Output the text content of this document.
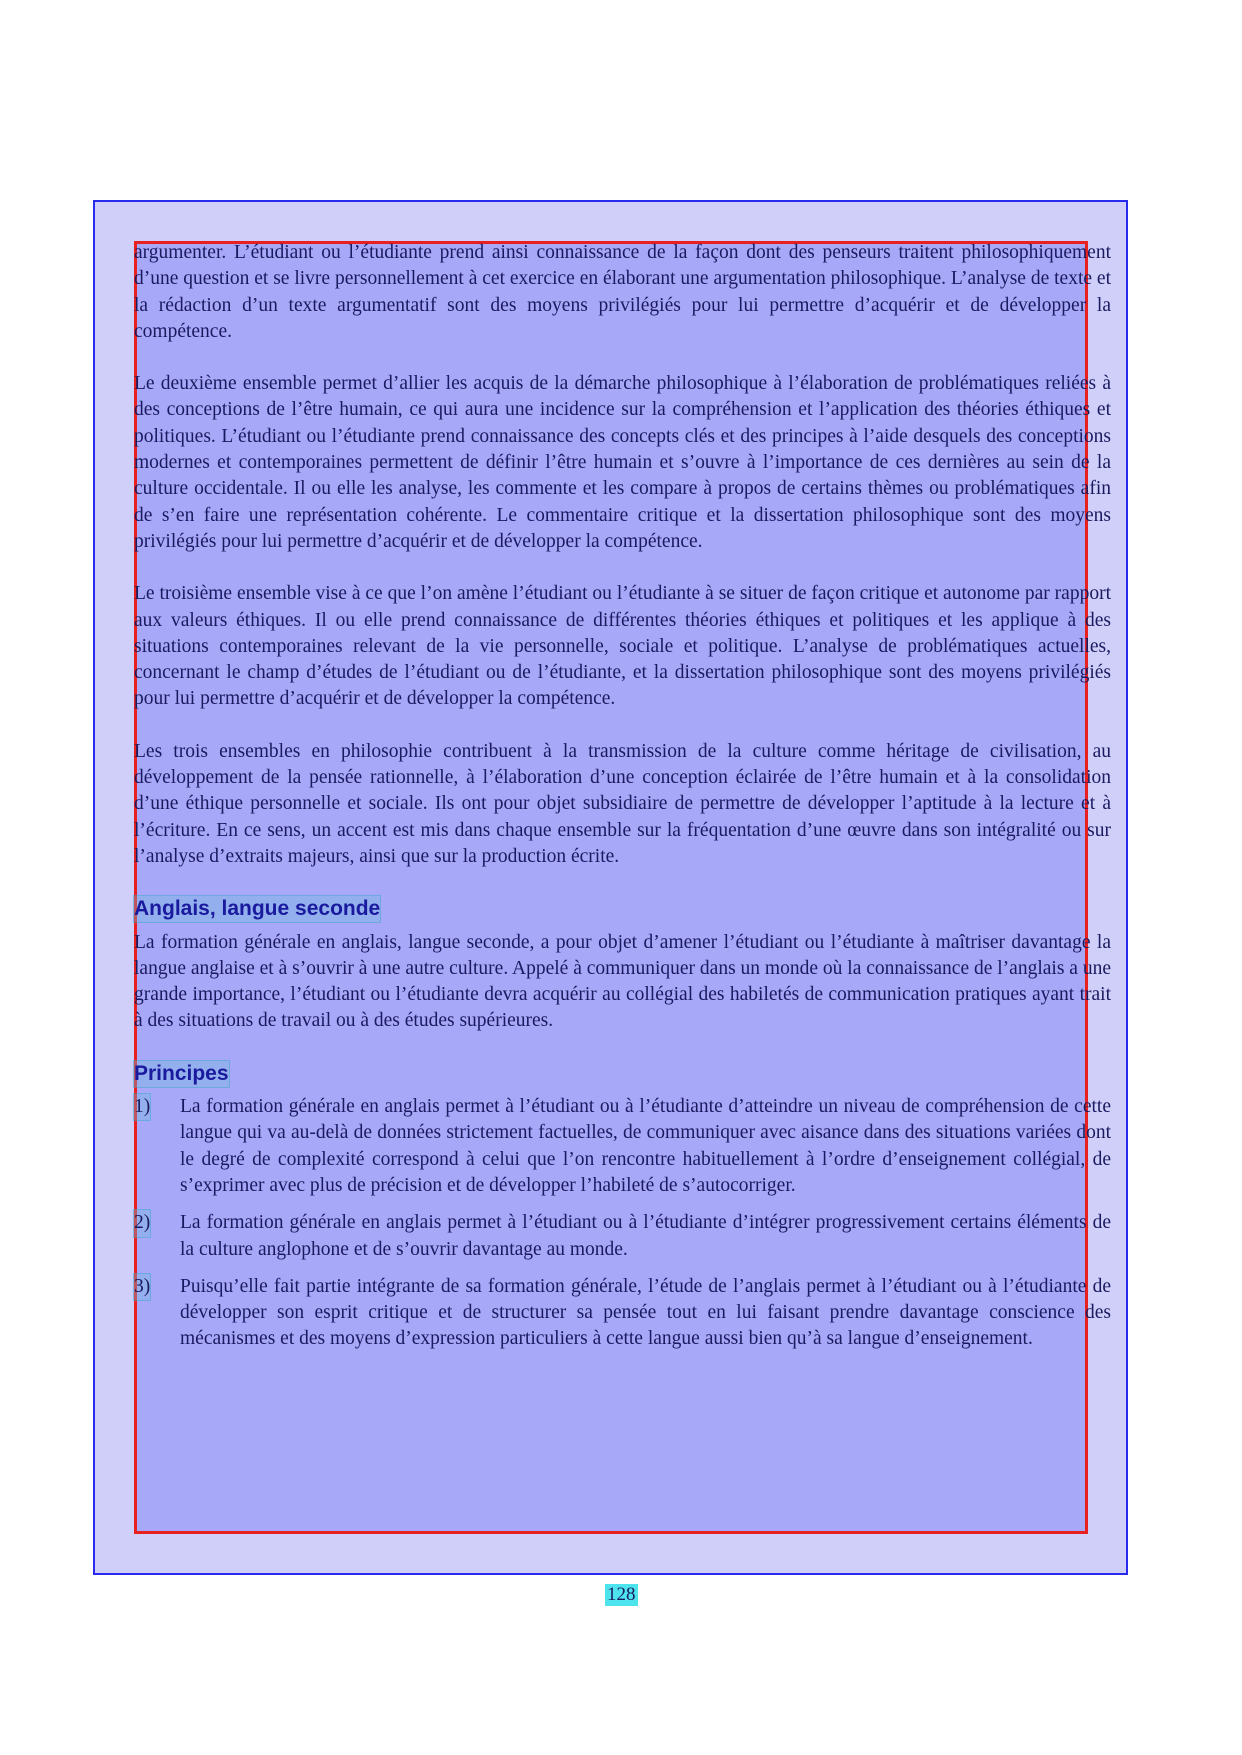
argumenter. L’étudiant ou l’étudiante prend ainsi connaissance de la façon dont des penseurs traitent philosophiquement d’une question et se livre personnellement à cet exercice en élaborant une argumentation philosophique. L’analyse de texte et la rédaction d’un texte argumentatif sont des moyens privilégiés pour lui permettre d’acquérir et de développer la compétence.

Le deuxième ensemble permet d’allier les acquis de la démarche philosophique à l’élaboration de problématiques reliées à des conceptions de l’être humain, ce qui aura une incidence sur la compréhension et l’application des théories éthiques et politiques. L’étudiant ou l’étudiante prend connaissance des concepts clés et des principes à l’aide desquels des conceptions modernes et contemporaines permettent de définir l’être humain et s’ouvre à l’importance de ces dernières au sein de la culture occidentale. Il ou elle les analyse, les commente et les compare à propos de certains thèmes ou problématiques afin de s’en faire une représentation cohérente. Le commentaire critique et la dissertation philosophique sont des moyens privilégiés pour lui permettre d’acquérir et de développer la compétence.

Le troisième ensemble vise à ce que l’on amène l’étudiant ou l’étudiante à se situer de façon critique et autonome par rapport aux valeurs éthiques. Il ou elle prend connaissance de différentes théories éthiques et politiques et les applique à des situations contemporaines relevant de la vie personnelle, sociale et politique. L’analyse de problématiques actuelles, concernant le champ d’études de l’étudiant ou de l’étudiante, et la dissertation philosophique sont des moyens privilégiés pour lui permettre d’acquérir et de développer la compétence.

Les trois ensembles en philosophie contribuent à la transmission de la culture comme héritage de civilisation, au développement de la pensée rationnelle, à l’élaboration d’une conception éclairée de l’être humain et à la consolidation d’une éthique personnelle et sociale. Ils ont pour objet subsidiaire de permettre de développer l’aptitude à la lecture et à l’écriture. En ce sens, un accent est mis dans chaque ensemble sur la fréquentation d’une œuvre dans son intégralité ou sur l’analyse d’extraits majeurs, ainsi que sur la production écrite.

Anglais, langue seconde

La formation générale en anglais, langue seconde, a pour objet d’amener l’étudiant ou l’étudiante à maîtriser davantage la langue anglaise et à s’ouvrir à une autre culture. Appelé à communiquer dans un monde où la connaissance de l’anglais a une grande importance, l’étudiant ou l’étudiante devra acquérir au collégial des habiletés de communication pratiques ayant trait à des situations de travail ou à des études supérieures.

Principes
1) La formation générale en anglais permet à l’étudiant ou à l’étudiante d’atteindre un niveau de compréhension de cette langue qui va au-delà de données strictement factuelles, de communiquer avec aisance dans des situations variées dont le degré de complexité correspond à celui que l’on rencontre habituellement à l’ordre d’enseignement collégial, de s’exprimer avec plus de précision et de développer l’habileté de s’autocorriger.
2) La formation générale en anglais permet à l’étudiant ou à l’étudiante d’intégrer progressivement certains éléments de la culture anglophone et de s’ouvrir davantage au monde.
3) Puisqu’elle fait partie intégrante de sa formation générale, l’étude de l’anglais permet à l’étudiant ou à l’étudiante de développer son esprit critique et de structurer sa pensée tout en lui faisant prendre davantage conscience des mécanismes et des moyens d’expression particuliers à cette langue aussi bien qu’à sa langue d’enseignement.
128
